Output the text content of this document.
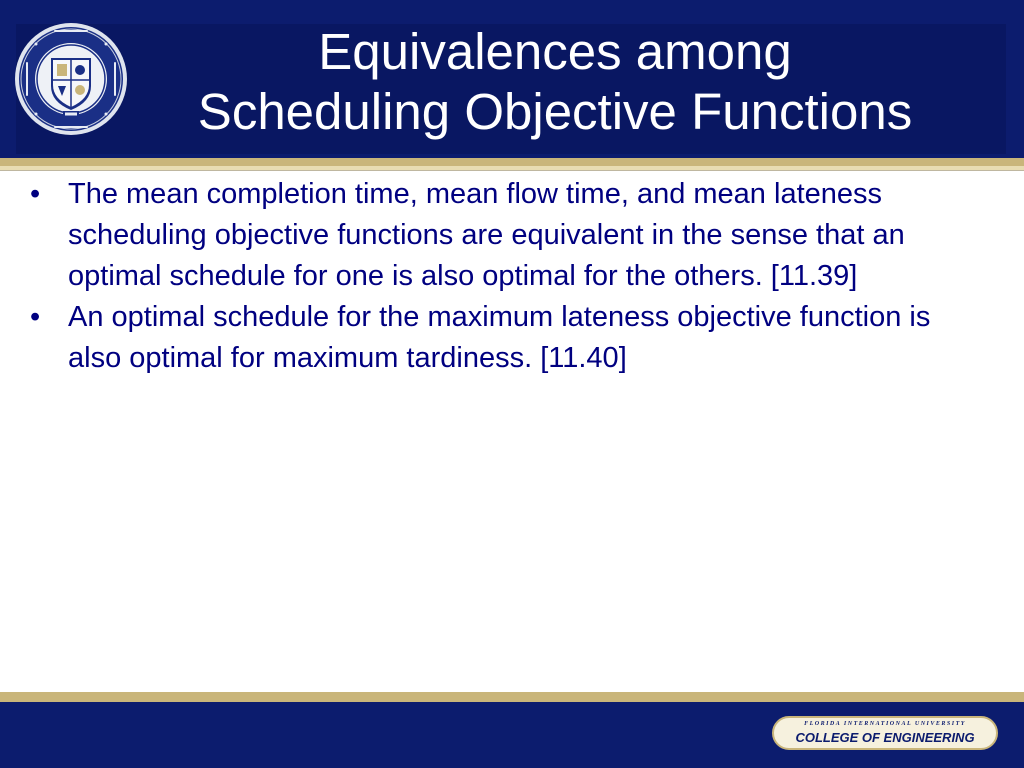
Equivalences among
Scheduling Objective Functions
• The mean completion time, mean flow time, and mean lateness scheduling objective functions are equivalent in the sense that an optimal schedule for one is also optimal for the others. [11.39]
• An optimal schedule for the maximum lateness objective function is also optimal for maximum tardiness. [11.40]
FLORIDA INTERNATIONAL UNIVERSITY
COLLEGE OF ENGINEERING
